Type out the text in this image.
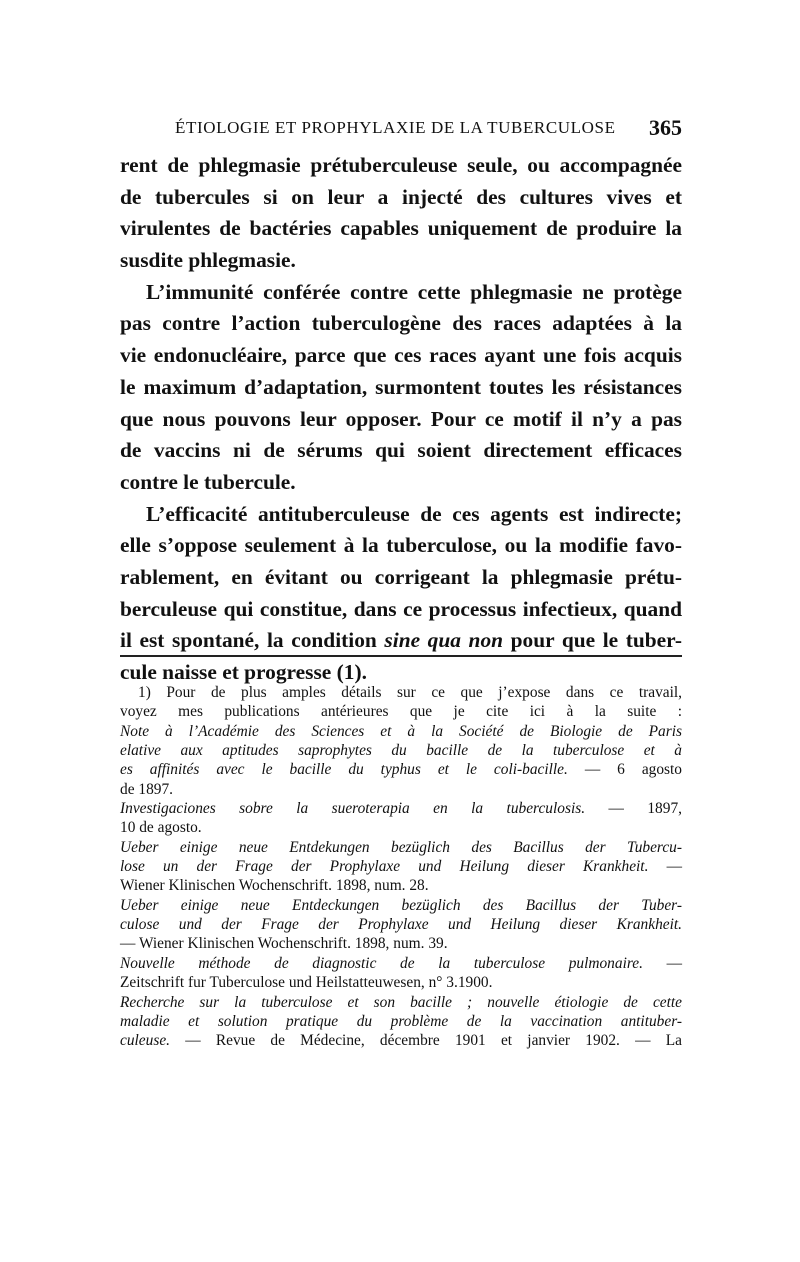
ÉTIOLOGIE ET PROPHYLAXIE DE LA TUBERCULOSE 365
rent de phlegmasie prétuberculeuse seule, ou accompagnée
de tubercules si on leur a injecté des cultures vives et
virulentes de bactéries capables uniquement de produire la
susdite phlegmasie.
L’immunité conférée contre cette phlegmasie ne protège
pas contre l’action tuberculogène des races adaptées à la
vie endonucléaire, parce que ces races ayant une fois acquis
le maximum d’adaptation, surmontent toutes les résistances
que nous pouvons leur opposer. Pour ce motif il n’y a pas
de vaccins ni de sérums qui soient directement efficaces
contre le tubercule.
L’efficacité antituberculeuse de ces agents est indirecte;
elle s’oppose seulement à la tuberculose, ou la modifie favo-
rablement, en évitant ou corrigeant la phlegmasie prétu-
berculeuse qui constitue, dans ce processus infectieux, quand
il est spontané, la condition sine qua non pour que le tuber-
cule naisse et progresse (1).
1) Pour de plus amples détails sur ce que j’expose dans ce travail,
voyez mes publications antérieures que je cite ici à la suite :
Note à l’Académie des Sciences et à la Société de Biologie de Paris
elative aux aptitudes saprophytes du bacille de la tuberculose et à
es affinités avec le bacille du typhus et le coli-bacille. — 6 agosto
de 1897.
Investigaciones sobre la sueroterapia en la tuberculosis. — 1897,
10 de agosto.
Ueber einige neue Entdekungen bezüglich des Bacillus der Tubercu-
lose un der Frage der Prophylaxe und Heilung dieser Krankheit. —
Wiener Klinischen Wochenschrift. 1898, num. 28.
Ueber einige neue Entdeckungen bezüglich des Bacillus der Tuber-
culose und der Frage der Prophylaxe und Heilung dieser Krankheit.
— Wiener Klinischen Wochenschrift. 1898, num. 39.
Nouvelle méthode de diagnostic de la tuberculose pulmonaire. —
Zeitschrift fur Tuberculose und Heilstatteuwesen, n° 3.1900.
Recherche sur la tuberculose et son bacille ; nouvelle étiologie de cette
maladie et solution pratique du problème de la vaccination antituber-
culeuse. — Revue de Médecine, décembre 1901 et janvier 1902. — La
